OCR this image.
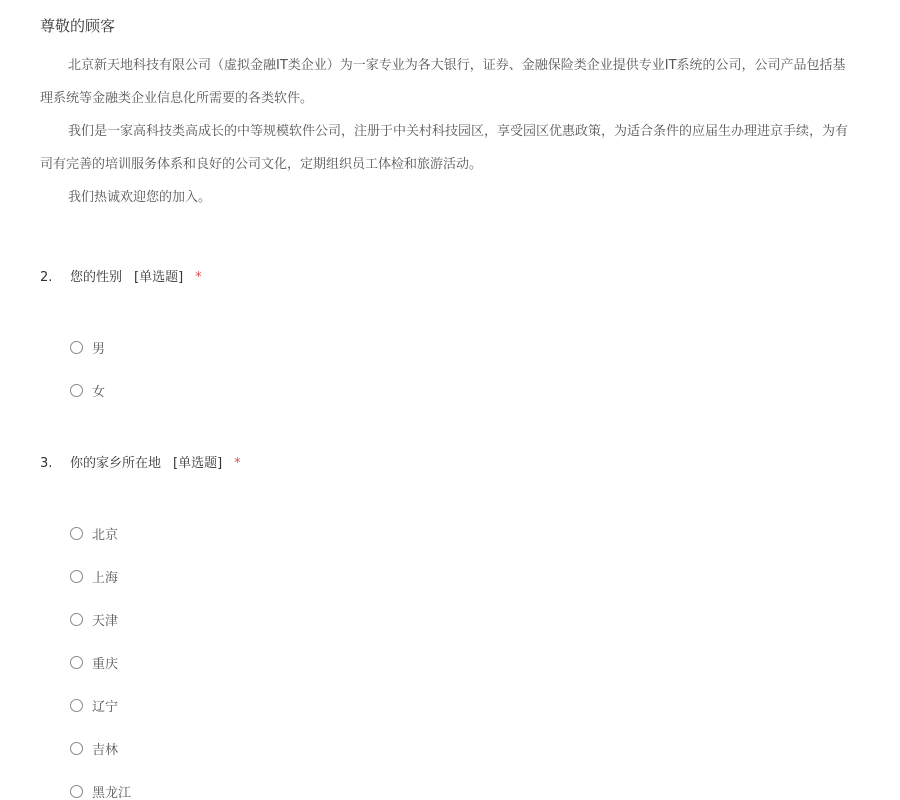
尊敬的顾客
北京新天地科技有限公司（虚拟金融IT类企业）为一家专业为各大银行，证券、金融保险类企业提供专业IT系统的公司，公司产品包括基
理系统等金融类企业信息化所需要的各类软件。
我们是一家高科技类高成长的中等规模软件公司，注册于中关村科技园区，享受园区优惠政策，为适合条件的应届生办理进京手续，为有
司有完善的培训服务体系和良好的公司文化，定期组织员工体检和旅游活动。
我们热诚欢迎您的加入。
2. 您的性别 [单选题] *
男
女
3. 你的家乡所在地 [单选题] *
北京
上海
天津
重庆
辽宁
吉林
黑龙江
